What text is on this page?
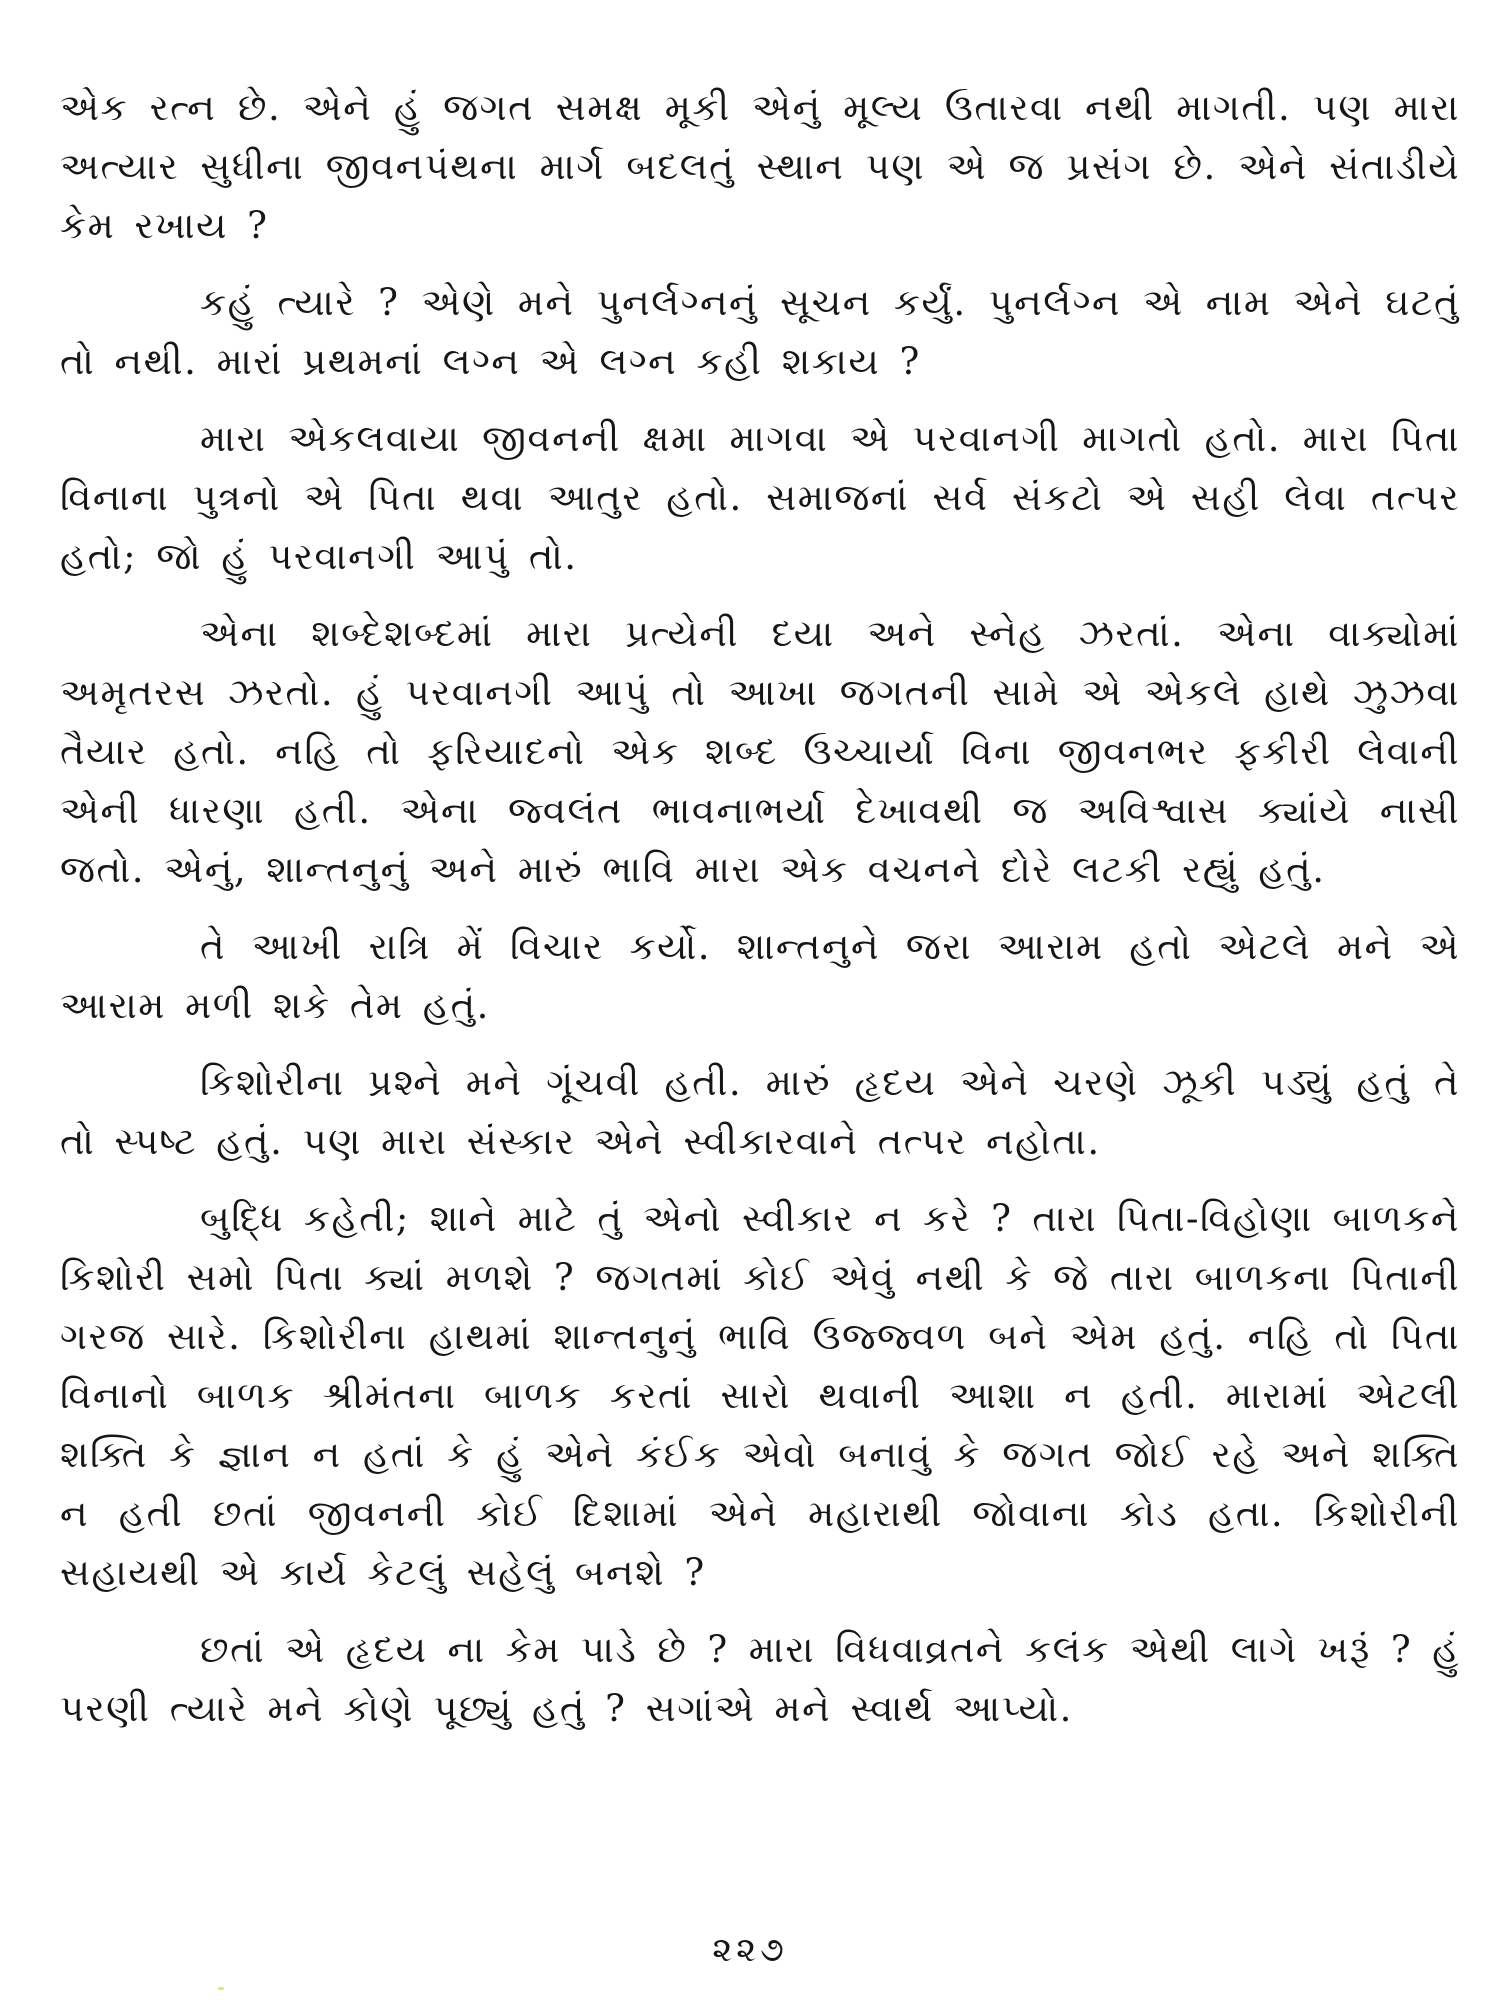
એક રત્ન છે. એને હું જગત સમક્ષ મૂકી એનું મૂલ્ય ઉતારવા નથી માગતી. પણ મારા અત્યાર સુધીના જીવનપંથના માર્ગ બદલતું સ્થાન પણ એ જ પ્રસંગ છે. એને સંતાડીયે કેમ રખાય ?

કહું ત્યારે ? એણે મને પુનર્લગ્નનું સૂચન કર્યું. પુનર્લગ્ન એ નામ એને ઘટતું તો નથી. મારાં પ્રથમનાં લગ્ન એ લગ્ન કહી શકાય ?

મારા એકલવાયા જીવનની ક્ષમા માગવા એ પરવાનગી માગતો હતો. મારા પિતા વિનાના પુત્રનો એ પિતા થવા આતુર હતો. સમાજનાં સર્વ સંકટો એ સહી લેવા તત્પર હતો; જો હું પરવાનગી આપું તો.

એના શબ્દેશબ્દમાં મારા પ્રત્યેની દયા અને સ્નેહ ઝરતાં. એના વાક્યોમાં અમૃતરસ ઝરતો. હું પરવાનગી આપું તો આખા જગતની સામે એ એકલે હાથે ઝુઝવા તૈયાર હતો. નહિ તો ફરિયાદનો એક શબ્દ ઉચ્ચાર્યા વિના જીવનભર ફકીરી લેવાની એની ધારણા હતી. એના જ્વલંત ભાવનાભર્યા દેખાવથી જ અવિશ્વાસ ક્યાંયે નાસી જતો. એનું, શાન્તનુનું અને મારું ભાવિ મારા એક વચનને દોરે લટકી રહ્યું હતું.

તે આખી રાત્રિ મેં વિચાર કર્યો. શાન્તનુને જરા આરામ હતો એટલે મને એ આરામ મળી શકે તેમ હતું.

કિશોરીના પ્રશ્ને મને ગૂંચવી હતી. મારું હૃદય એને ચરણે ઝૂકી પડ્યું હતું તે તો સ્પષ્ટ હતું. પણ મારા સંસ્કાર એને સ્વીકારવાને તત્પર નહોતા.

બુદ્ધિ કહેતી; શાને માટે તું એનો સ્વીકાર ન કરે ? તારા પિતા-વિહોણા બાળકને કિશોરી સમો પિતા ક્યાં મળશે ? જગતમાં કોઈ એવું નથી કે જે તારા બાળકના પિતાની ગરજ સારે. કિશોરીના હાથમાં શાન્તનુનું ભાવિ ઉજ્જ્વળ બને એમ હતું. નહિ તો પિતા વિનાનો બાળક શ્રીમંતના બાળક કરતાં સારો થવાની આશા ન હતી. મારામાં એટલી શક્તિ કે જ્ઞાન ન હતાં કે હું એને કંઈક એવો બનાવું કે જગત જોઈ રહે અને શક્તિ ન હતી છતાં જીવનની કોઈ દિશામાં એને મહારાથી જોવાના કોડ હતા. કિશોરીની સહાયથી એ કાર્ય કેટલું સહેલું બનશે ?

છતાં એ હૃદય ના કેમ પાડે છે ? મારા વિધવાવ્રતને કલંક એથી લાગે ખરૂં ? હું પરણી ત્યારે મને કોણે પૂછ્યું હતું ? સગાંએ મને સ્વાર્થ આપ્યો.

૨૨૭
